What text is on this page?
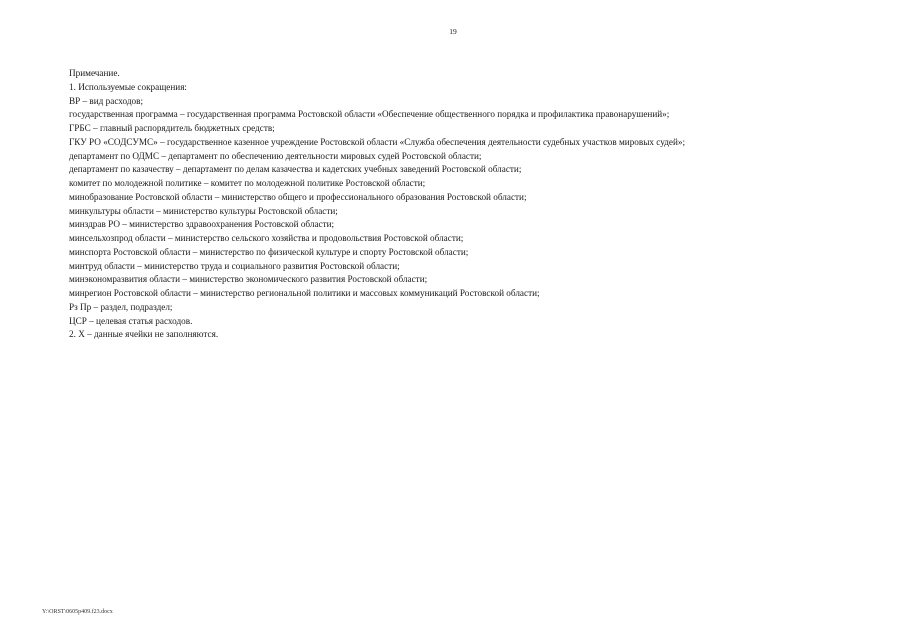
19
Примечание.
1. Используемые сокращения:
ВР – вид расходов;
государственная программа – государственная программа Ростовской области «Обеспечение общественного порядка и профилактика правонарушений»;
ГРБС – главный распорядитель бюджетных средств;
ГКУ РО «СОДСУМС» – государственное казенное учреждение Ростовской области «Служба обеспечения деятельности судебных участков мировых судей»;
департамент по ОДМС – департамент по обеспечению деятельности мировых судей Ростовской области;
департамент по казачеству – департамент по делам казачества и кадетских учебных заведений Ростовской области;
комитет по молодежной политике – комитет по молодежной политике Ростовской области;
минобразование Ростовской области – министерство общего и профессионального образования Ростовской области;
минкультуры области – министерство культуры Ростовской области;
минздрав РО – министерство здравоохранения Ростовской области;
минсельхозпрод области – министерство сельского хозяйства и продовольствия Ростовской области;
минспорта Ростовской области – министерство по физической культуре и спорту Ростовской области;
минтруд области – министерство труда и социального развития Ростовской области;
минэкономразвития области – министерство экономического развития Ростовской области;
минрегион Ростовской области – министерство региональной политики и массовых коммуникаций Ростовской области;
Рз Пр – раздел, подраздел;
ЦСР – целевая статья расходов.
2. Х – данные ячейки не заполняются.
Y:\ORST\0605p409.f23.docx
